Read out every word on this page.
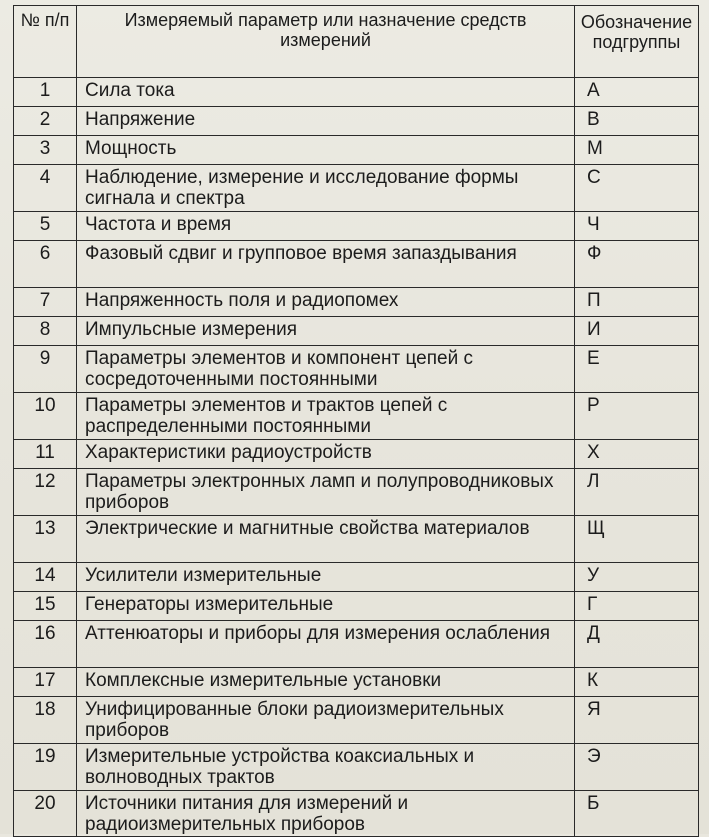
№ п/п	Измеряемый параметр или назначение средств измерений	Обозначение подгруппы
1	Сила тока	А
2	Напряжение	В
3	Мощность	М
4	Наблюдение, измерение и исследование формы сигнала и спектра	С
5	Частота и время	Ч
6	Фазовый сдвиг и групповое время запаздывания	Ф
7	Напряженность поля и радиопомех	П
8	Импульсные измерения	И
9	Параметры элементов и компонент цепей с сосредоточенными постоянными	Е
10	Параметры элементов и трактов цепей с распределенными постоянными	Р
11	Характеристики радиоустройств	Х
12	Параметры электронных ламп и полупроводниковых приборов	Л
13	Электрические и магнитные свойства материалов	Щ
14	Усилители измерительные	У
15	Генераторы измерительные	Г
16	Аттенюаторы и приборы для измерения ослабления	Д
17	Комплексные измерительные установки	К
18	Унифицированные блоки радиоизмерительных приборов	Я
19	Измерительные устройства коаксиальных и волноводных трактов	Э
20	Источники питания для измерений и радиоизмерительных приборов	Б
